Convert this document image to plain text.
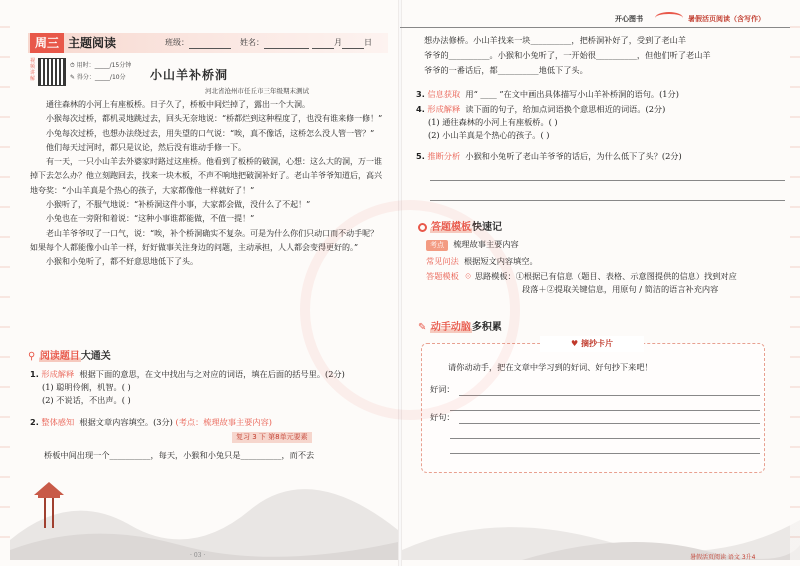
周三 主题阅读	班级：	姓名：	月	日
视频讲解
⏱ 用时：_____/15分钟
✎ 得分：_____/10分	小山羊补桥洞
河北省沧州市任丘市三年级期末测试
通往森林的小河上有座板桥。日子久了，桥板中间烂掉了，露出一个大洞。
小猴每次过桥，都机灵地跳过去，回头无奈地说：“桥都烂到这种程度了，也没有谁来修一修！”
小兔每次过桥，也想办法绕过去，用失望的口气说：“唉，真不像话，这桥怎么没人管一管？”
他们每天过河时，都只是议论，然后没有谁动手修一下。
有一天，一只小山羊去外婆家时路过这座桥。他看到了板桥的破洞，心想：这么大的洞，万一谁掉下去怎么办？他立刻跑回去，找来一块木板，不声不响地把破洞补好了。老山羊爷爷知道后，高兴地夸奖：“小山羊真是个热心的孩子，大家都像他一样就好了！”
小猴听了，不服气地说：“补桥洞这件小事，大家都会做，没什么了不起！”
小兔也在一旁附和着说：“这种小事谁都能做，不值一提！”
老山羊爷爷叹了一口气，说：“唉，补个桥洞确实不复杂。可是为什么你们只动口而不动手呢？如果每个人都能像小山羊一样，好好做事关注身边的问题，主动承担，人人都会变得更好的。”
小猴和小兔听了，都不好意思地低下了头。
⚲ 阅读题目大通关
1. 形成解释 根据下面的意思，在文中找出与之对应的词语，填在后面的括号里。(2分)
(1) 聪明伶俐，机智。( )
(2) 不说话，不出声。( )
2. 整体感知 根据文章内容填空。(3分) (考点：梳理故事主要内容)
复习 3 下 第8单元要素
桥板中间出现一个__________，每天，小猴和小兔只是__________，而不去
· 03 ·
开心图书	暑假活页阅读（含写作）
想办法修桥。小山羊找来一块__________，把桥洞补好了，受到了老山羊
爷爷的__________。小猴和小兔听了，一开始很__________，但他们听了老山羊
爷爷的一番话后，都__________地低下了头。
3. 信息获取 用“ ____ ”在文中画出具体描写小山羊补桥洞的语句。(1分)
4. 形成解释 读下面的句子，给加点词语换个意思相近的词语。(2分)
(1) 通往森林的小河上有座板桥。( )
(2) 小山羊真是个热心的孩子。( )
5. 推断分析 小猴和小兔听了老山羊爷爷的话后，为什么低下了头？(2分)
答题模板快速记
考点 梳理故事主要内容
常见问法 根据短文内容填空。
答题模板 ☉ 思路模板：①根据已有信息（题目、表格、示意图提供的信息）找到对应
段落＋②提取关键信息，用原句 / 简洁的语言补充内容
✎ 动手动脑多积累
♥ 摘抄卡片
请你动动手，把在文章中学习到的好词、好句抄下来吧！
好词：
好句：
暑假活页阅读 语文 3升4
